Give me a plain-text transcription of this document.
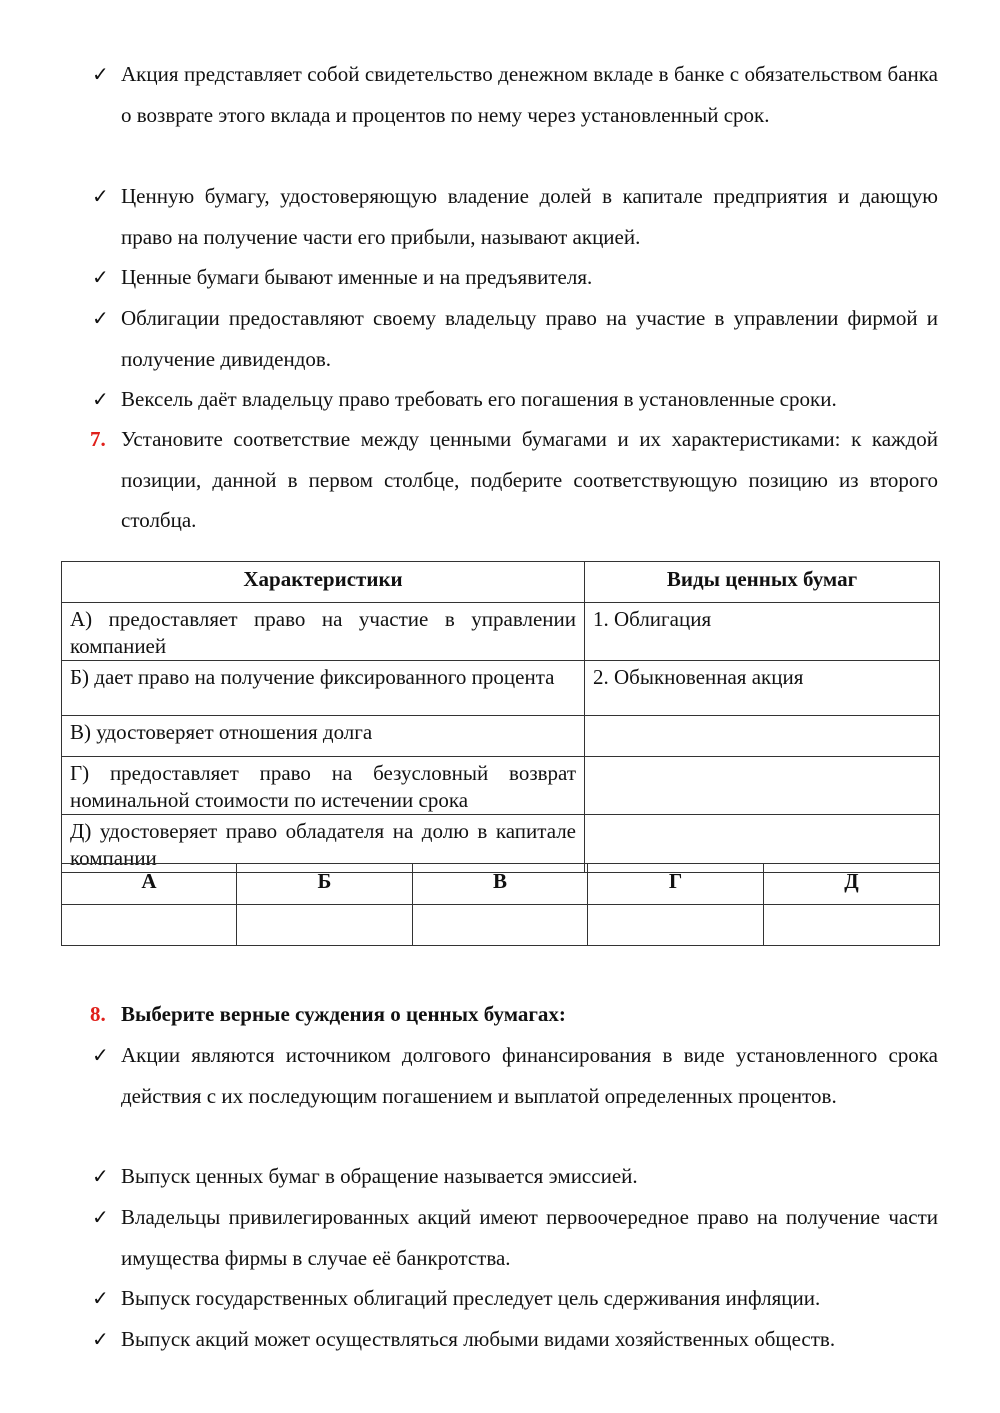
✓ Акция представляет собой свидетельство денежном вкладе в банке с обязательством банка о возврате этого вклада и процентов по нему через установленный срок.
✓ Ценную бумагу, удостоверяющую владение долей в капитале предприятия и дающую право на получение части его прибыли, называют акцией.
✓ Ценные бумаги бывают именные и на предъявителя.
✓ Облигации предоставляют своему владельцу право на участие в управлении фирмой и получение дивидендов.
✓ Вексель даёт владельцу право требовать его погашения в установленные сроки.
7. Установите соответствие между ценными бумагами и их характеристиками: к каждой позиции, данной в первом столбце, подберите соответствующую позицию из второго столбца.
Характеристики	Виды ценных бумаг
А) предоставляет право на участие в управлении компанией	1. Облигация
Б) дает право на получение фиксированного процента	2. Обыкновенная акция
В) удостоверяет отношения долга	
Г) предоставляет право на безусловный возврат номинальной стоимости по истечении срока	
Д) удостоверяет право обладателя на долю в капитале компании	
А	Б	В	Г	Д

8. Выберите верные суждения о ценных бумагах:
✓ Акции являются источником долгового финансирования в виде установленного срока действия с их последующим погашением и выплатой определенных процентов.
✓ Выпуск ценных бумаг в обращение называется эмиссией.
✓ Владельцы привилегированных акций имеют первоочередное право на получение части имущества фирмы в случае её банкротства.
✓ Выпуск государственных облигаций преследует цель сдерживания инфляции.
✓ Выпуск акций может осуществляться любыми видами хозяйственных обществ.
